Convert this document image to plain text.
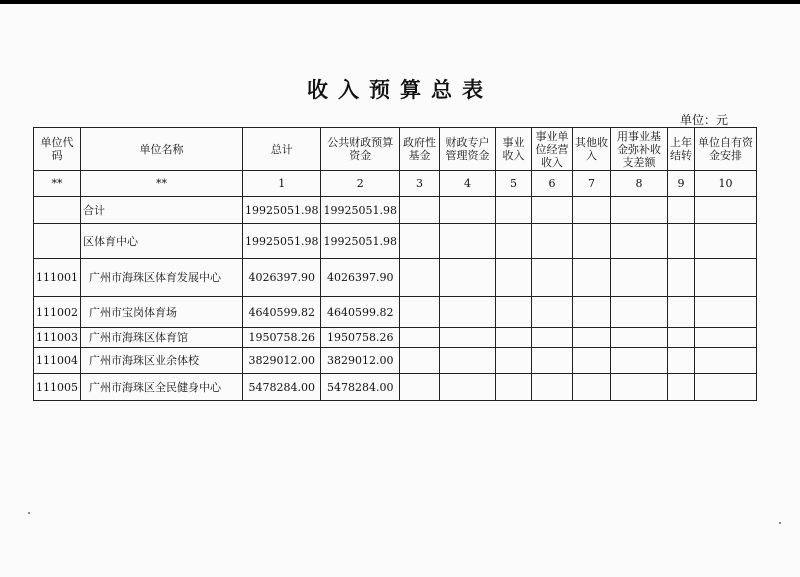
收入预算总表
单位：元
单位代码	单位名称	总计	公共财政预算资金	政府性基金	财政专户管理资金	事业收入	事业单位经营收入	其他收入	用事业基金弥补收支差额	上年结转	单位自有资金安排
**	**	1	2	3	4	5	6	7	8	9	10
	合计	19925051.98	19925051.98								
	区体育中心	19925051.98	19925051.98								
111001	广州市海珠区体育发展中心	4026397.90	4026397.90								
111002	广州市宝岗体育场	4640599.82	4640599.82								
111003	广州市海珠区体育馆	1950758.26	1950758.26								
111004	广州市海珠区业余体校	3829012.00	3829012.00								
111005	广州市海珠区全民健身中心	5478284.00	5478284.00								
